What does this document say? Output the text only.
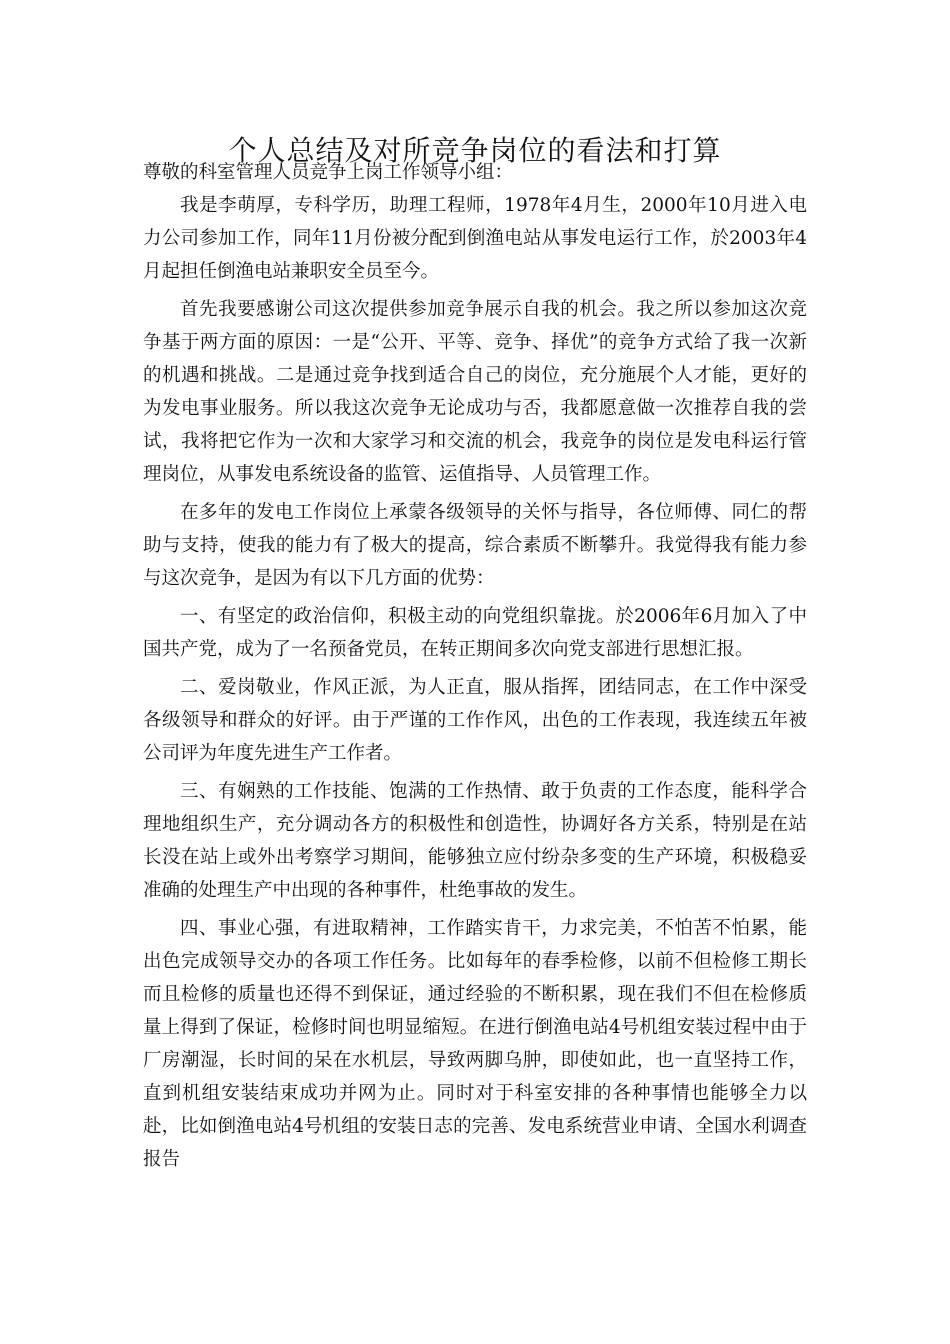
个人总结及对所竞争岗位的看法和打算

尊敬的科室管理人员竞争上岗工作领导小组：

我是李萌厚，专科学历，助理工程师，1978年4月生，2000年10月进入电力公司参加工作，同年11月份被分配到倒渔电站从事发电运行工作，於2003年4月起担任倒渔电站兼职安全员至今。

首先我要感谢公司这次提供参加竞争展示自我的机会。我之所以参加这次竞争基于两方面的原因：一是“公开、平等、竞争、择优”的竞争方式给了我一次新的机遇和挑战。二是通过竞争找到适合自己的岗位，充分施展个人才能，更好的为发电事业服务。所以我这次竞争无论成功与否，我都愿意做一次推荐自我的尝试，我将把它作为一次和大家学习和交流的机会，我竞争的岗位是发电科运行管理岗位，从事发电系统设备的监管、运值指导、人员管理工作。

在多年的发电工作岗位上承蒙各级领导的关怀与指导，各位师傅、同仁的帮助与支持，使我的能力有了极大的提高，综合素质不断攀升。我觉得我有能力参与这次竞争，是因为有以下几方面的优势：

一、有坚定的政治信仰，积极主动的向党组织靠拢。於2006年6月加入了中国共产党，成为了一名预备党员，在转正期间多次向党支部进行思想汇报。

二、爱岗敬业，作风正派，为人正直，服从指挥，团结同志，在工作中深受各级领导和群众的好评。由于严谨的工作作风，出色的工作表现，我连续五年被公司评为年度先进生产工作者。

三、有娴熟的工作技能、饱满的工作热情、敢于负责的工作态度，能科学合理地组织生产，充分调动各方的积极性和创造性，协调好各方关系，特别是在站长没在站上或外出考察学习期间，能够独立应付纷杂多变的生产环境，积极稳妥准确的处理生产中出现的各种事件，杜绝事故的发生。

四、事业心强，有进取精神，工作踏实肯干，力求完美，不怕苦不怕累，能出色完成领导交办的各项工作任务。比如每年的春季检修，以前不但检修工期长而且检修的质量也还得不到保证，通过经验的不断积累，现在我们不但在检修质量上得到了保证，检修时间也明显缩短。在进行倒渔电站4号机组安装过程中由于厂房潮湿，长时间的呆在水机层，导致两脚乌肿，即使如此，也一直坚持工作，直到机组安装结束成功并网为止。同时对于科室安排的各种事情也能够全力以赴，比如倒渔电站4号机组的安装日志的完善、发电系统营业申请、全国水利调查报告
